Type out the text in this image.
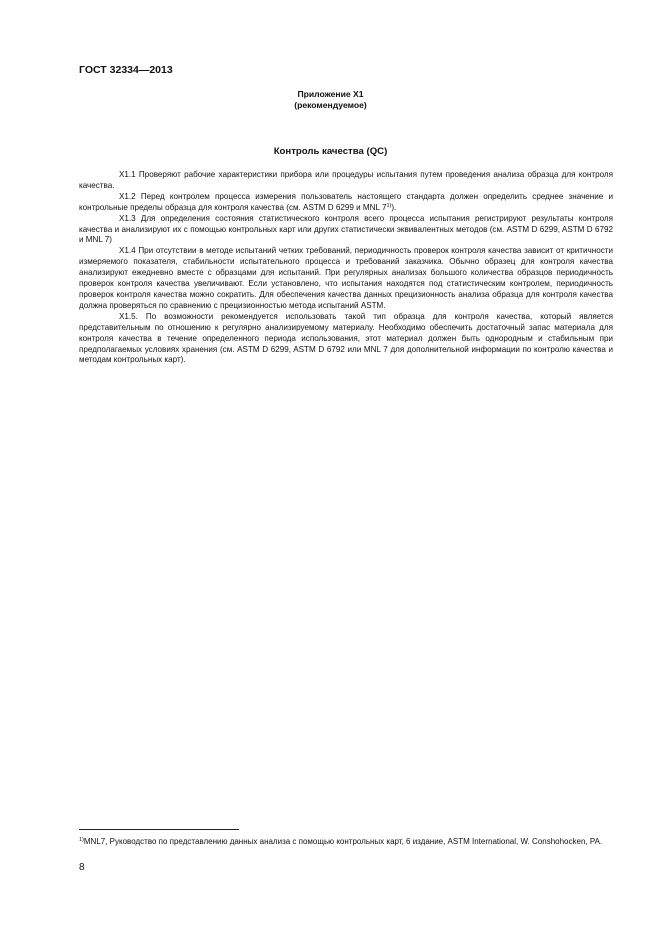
ГОСТ 32334—2013
Приложение X1
(рекомендуемое)
Контроль качества (QC)

X1.1 Проверяют рабочие характеристики прибора или процедуры испытания путем проведения анализа образца для контроля качества.

X1.2 Перед контролем процесса измерения пользователь настоящего стандарта должен определить среднее значение и контрольные пределы образца для контроля качества (см. ASTM D 6299 и MNL 7$^{1)}$).

X1.3 Для определения состояния статистического контроля всего процесса испытания регистрируют результаты контроля качества и анализируют их с помощью контрольных карт или других статистически эквивалентных методов (см. ASTM D 6299, ASTM D 6792 и MNL 7)

X1.4 При отсутствии в методе испытаний четких требований, периодичность проверок контроля качества зависит от критичности измеряемого показателя, стабильности испытательного процесса и требований заказчика. Обычно образец для контроля качества анализируют ежедневно вместе с образцами для испытаний. При регулярных анализах большого количества образцов периодичность проверок контроля качества увеличивают. Если установлено, что испытания находятся под статистическим контролем, периодичность проверок контроля качества можно сократить. Для обеспечения качества данных прецизионность анализа образца для контроля качества должна проверяться по сравнению с прецизионностью метода испытаний ASTM.

X1.5. По возможности рекомендуется использовать такой тип образца для контроля качества, который является представительным по отношению к регулярно анализируемому материалу. Необходимо обеспечить достаточный запас материала для контроля качества в течение определенного периода использования, этот материал должен быть однородным и стабильным при предполагаемых условиях хранения (см. ASTM D 6299, ASTM D 6792 или MNL 7 для дополнительной информации по контролю качества и методам контрольных карт).

$^{1)}$MNL7, Руководство по представлению данных анализа с помощью контрольных карт, 6 издание, ASTM International, W. Conshohocken, PA.
8
